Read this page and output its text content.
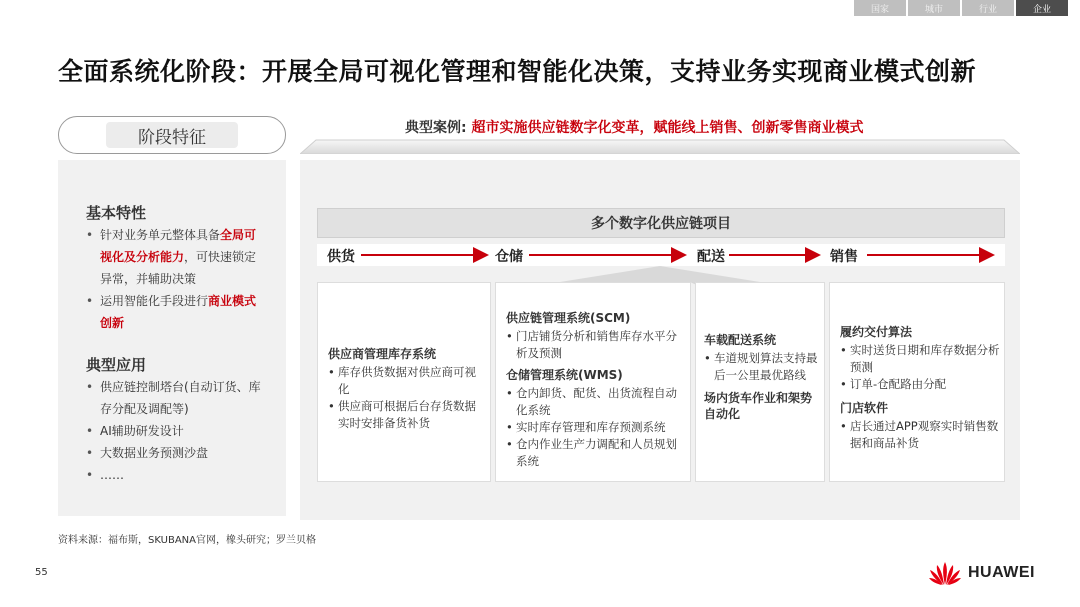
国家	城市	行业	企业
全面系统化阶段：开展全局可视化管理和智能化决策，支持业务实现商业模式创新
阶段特征
基本特性
• 针对业务单元整体具备全局可视化及分析能力，可快速锁定异常，并辅助决策
• 运用智能化手段进行商业模式创新
典型应用
• 供应链控制塔台(自动订货、库存分配及调配等)
• AI辅助研发设计
• 大数据业务预测沙盘
• ……
典型案例: 超市实施供应链数字化变革，赋能线上销售、创新零售商业模式
多个数字化供应链项目
供货	仓储	配送	销售
供应商管理库存系统
• 库存供货数据对供应商可视化
• 供应商可根据后台存货数据实时安排备货补货
供应链管理系统(SCM)
• 门店铺货分析和销售库存水平分析及预测
仓储管理系统(WMS)
• 仓内卸货、配货、出货流程自动化系统
• 实时库存管理和库存预测系统
• 仓内作业生产力调配和人员规划系统
车载配送系统
• 车道规划算法支持最后一公里最优路线
场内货车作业和架势自动化
履约交付算法
• 实时送货日期和库存数据分析预测
• 订单-仓配路由分配
门店软件
• 店长通过APP观察实时销售数据和商品补货
资料来源：福布斯，SKUBANA官网，橡头研究；罗兰贝格
55	HUAWEI
